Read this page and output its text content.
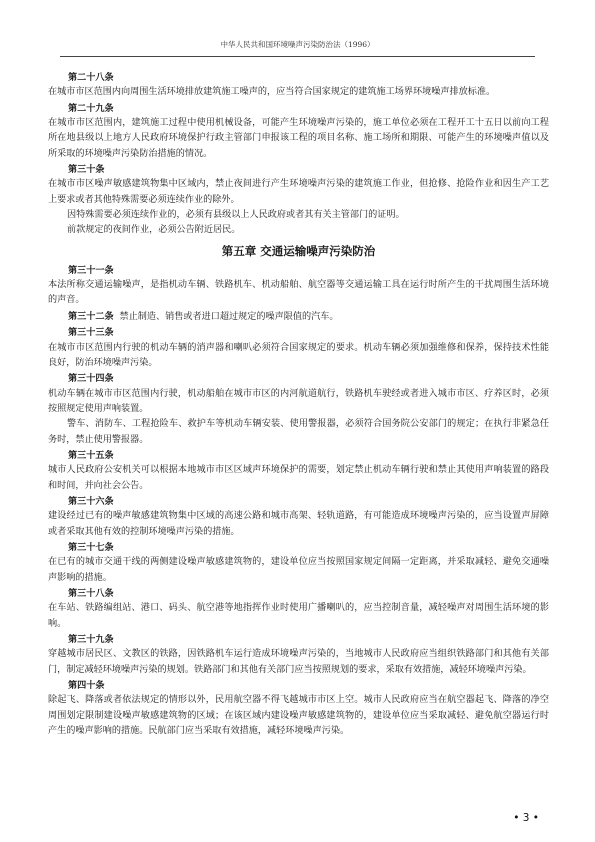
中华人民共和国环境噪声污染防治法（1996）

第二十八条

在城市市区范围内向周围生活环境排放建筑施工噪声的，应当符合国家规定的建筑施工场界环境噪声排放标准。

第二十九条

在城市市区范围内，建筑施工过程中使用机械设备，可能产生环境噪声污染的，施工单位必须在工程开工十五日以前向工程所在地县级以上地方人民政府环境保护行政主管部门申报该工程的项目名称、施工场所和期限、可能产生的环境噪声值以及所采取的环境噪声污染防治措施的情况。

第三十条

在城市市区噪声敏感建筑物集中区域内，禁止夜间进行产生环境噪声污染的建筑施工作业，但抢修、抢险作业和因生产工艺上要求或者其他特殊需要必须连续作业的除外。

因特殊需要必须连续作业的，必须有县级以上人民政府或者其有关主管部门的证明。

前款规定的夜间作业，必须公告附近居民。

第五章 交通运输噪声污染防治

第三十一条

本法所称交通运输噪声，是指机动车辆、铁路机车、机动船舶、航空器等交通运输工具在运行时所产生的干扰周围生活环境的声音。

第三十二条 禁止制造、销售或者进口超过规定的噪声限值的汽车。

第三十三条

在城市市区范围内行驶的机动车辆的消声器和喇叭必须符合国家规定的要求。机动车辆必须加强维修和保养，保持技术性能良好，防治环境噪声污染。

第三十四条

机动车辆在城市市区范围内行驶，机动船舶在城市市区的内河航道航行，铁路机车驶经或者进入城市市区、疗养区时，必须按照规定使用声响装置。

警车、消防车、工程抢险车、救护车等机动车辆安装、使用警报器，必须符合国务院公安部门的规定；在执行非紧急任务时，禁止使用警报器。

第三十五条

城市人民政府公安机关可以根据本地城市市区区域声环境保护的需要，划定禁止机动车辆行驶和禁止其使用声响装置的路段和时间，并向社会公告。

第三十六条

建设经过已有的噪声敏感建筑物集中区域的高速公路和城市高架、轻轨道路，有可能造成环境噪声污染的，应当设置声屏障或者采取其他有效的控制环境噪声污染的措施。

第三十七条

在已有的城市交通干线的两侧建设噪声敏感建筑物的，建设单位应当按照国家规定间隔一定距离，并采取减轻、避免交通噪声影响的措施。

第三十八条

在车站、铁路编组站、港口、码头、航空港等地指挥作业时使用广播喇叭的，应当控制音量，减轻噪声对周围生活环境的影响。

第三十九条

穿越城市居民区、文教区的铁路，因铁路机车运行造成环境噪声污染的，当地城市人民政府应当组织铁路部门和其他有关部门，制定减轻环境噪声污染的规划。铁路部门和其他有关部门应当按照规划的要求，采取有效措施，减轻环境噪声污染。

第四十条

除起飞、降落或者依法规定的情形以外，民用航空器不得飞越城市市区上空。城市人民政府应当在航空器起飞、降落的净空周围划定限制建设噪声敏感建筑物的区域；在该区域内建设噪声敏感建筑物的，建设单位应当采取减轻、避免航空器运行时产生的噪声影响的措施。民航部门应当采取有效措施，减轻环境噪声污染。

• 3 •
